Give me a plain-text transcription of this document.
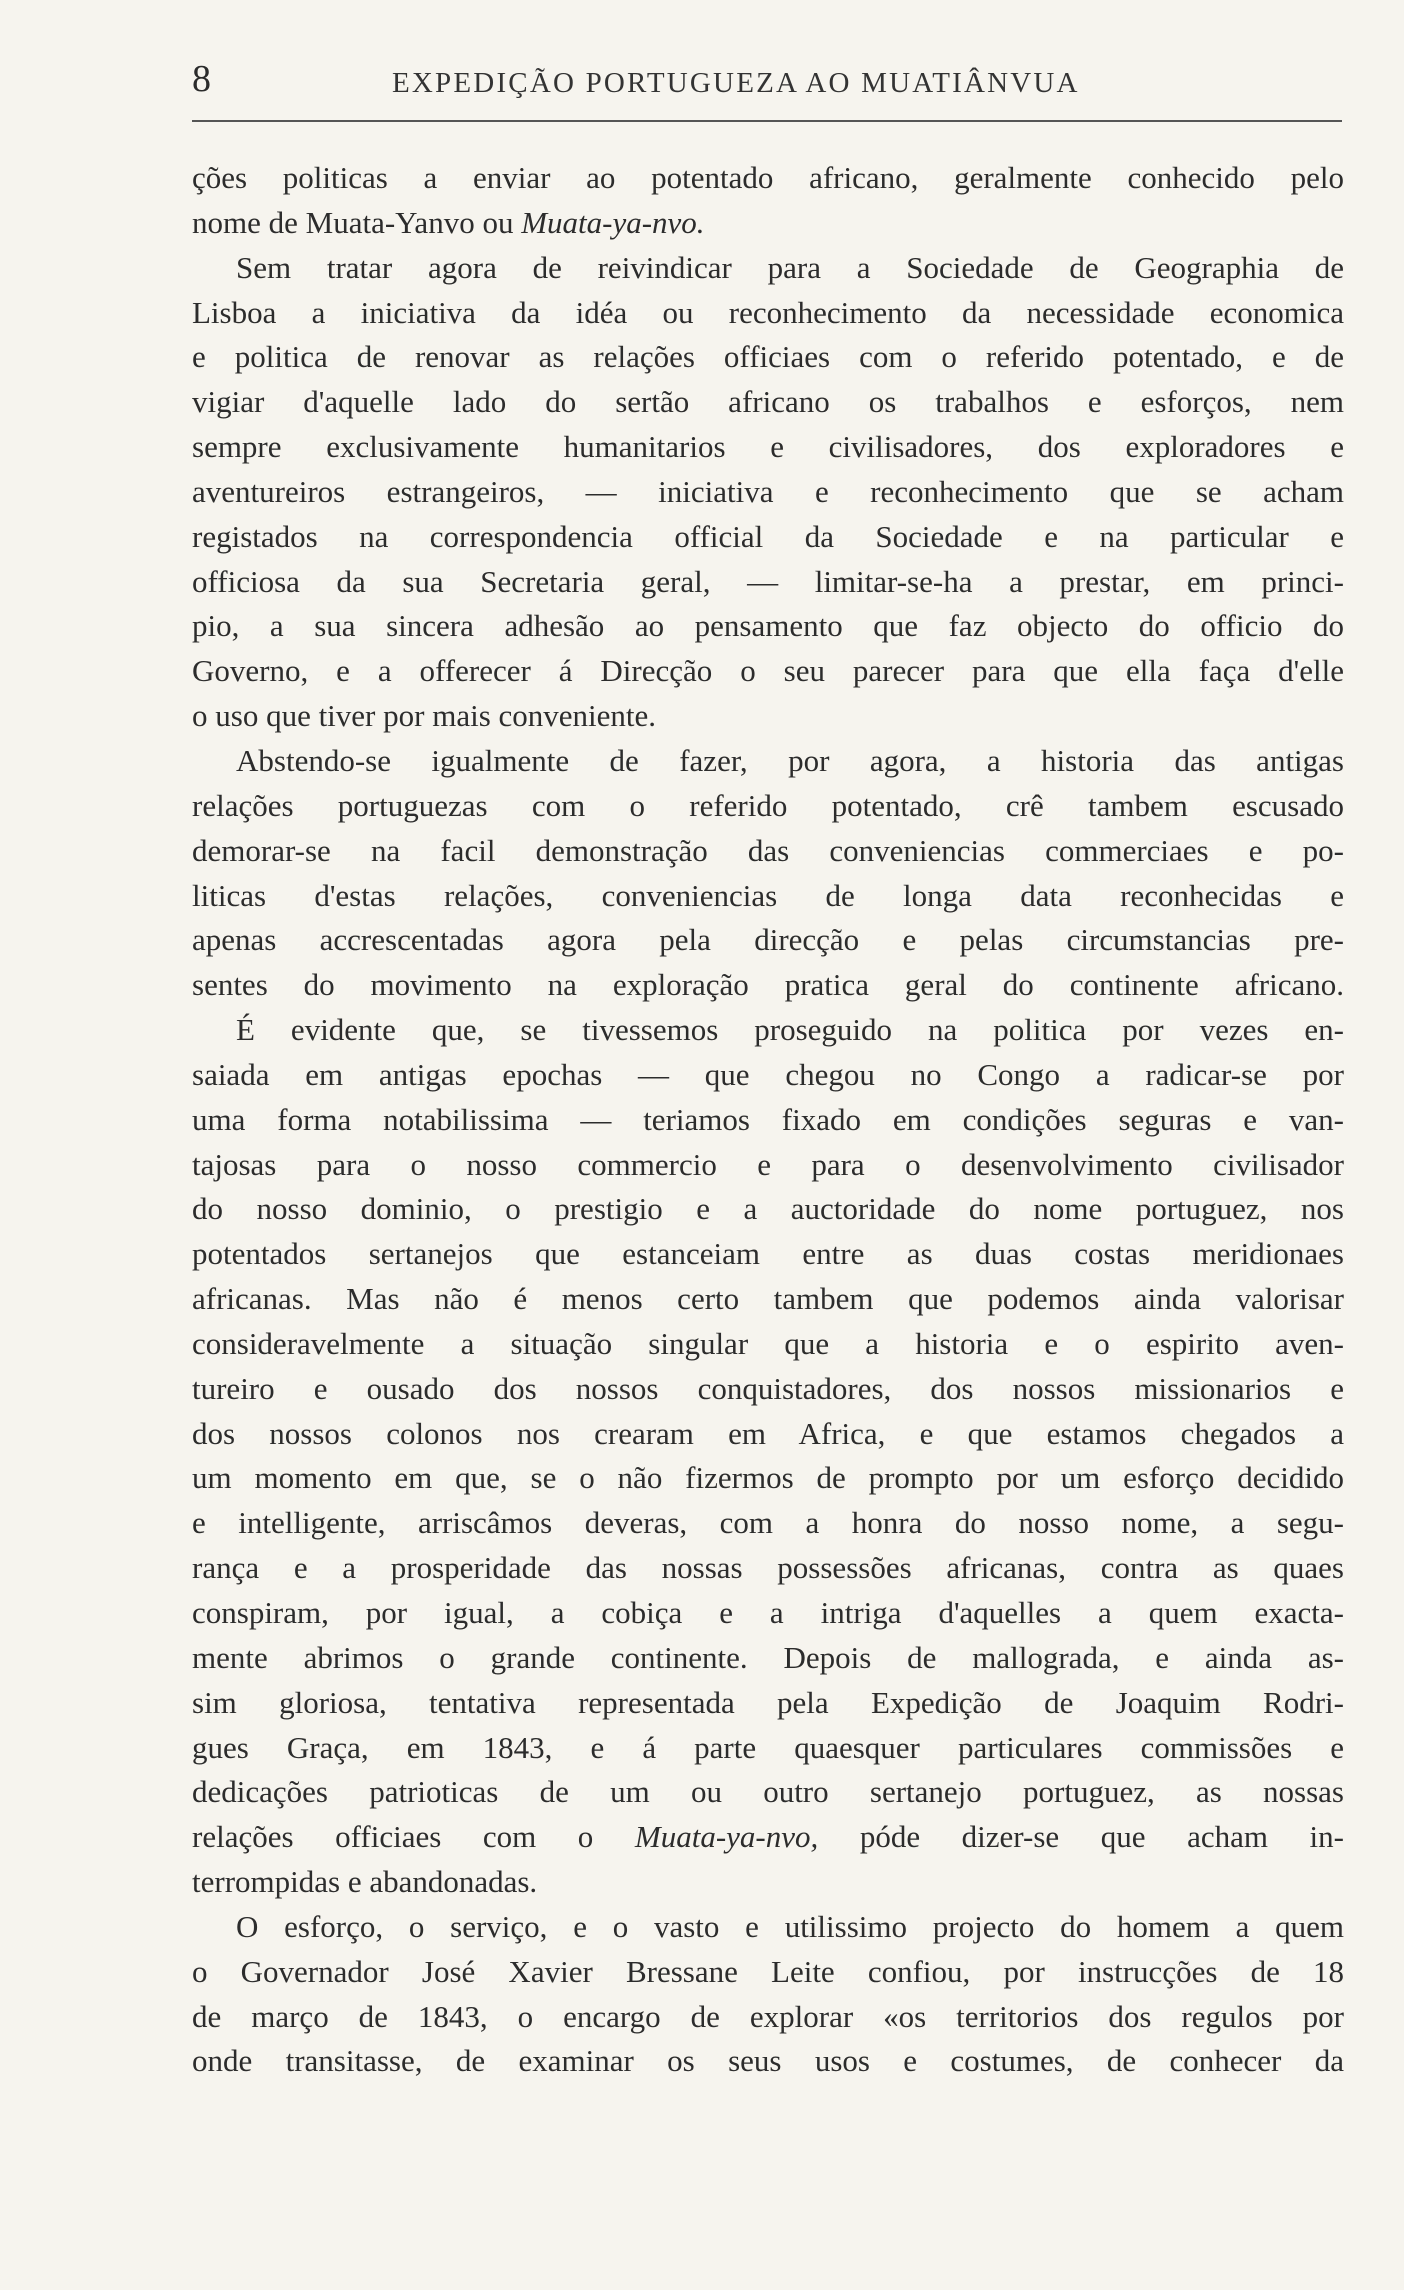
8	EXPEDIÇÃO PORTUGUEZA AO MUATIÂNVUA
ções politicas a enviar ao potentado africano, geralmente conhecido pelo
nome de Muata-Yanvo ou Muata-ya-nvo.
Sem tratar agora de reivindicar para a Sociedade de Geographia de
Lisboa a iniciativa da idéa ou reconhecimento da necessidade economica
e politica de renovar as relações officiaes com o referido potentado, e de
vigiar d'aquelle lado do sertão africano os trabalhos e esforços, nem
sempre exclusivamente humanitarios e civilisadores, dos exploradores e
aventureiros estrangeiros, — iniciativa e reconhecimento que se acham
registados na correspondencia official da Sociedade e na particular e
officiosa da sua Secretaria geral, — limitar-se-ha a prestar, em princi-
pio, a sua sincera adhesão ao pensamento que faz objecto do officio do
Governo, e a offerecer á Direcção o seu parecer para que ella faça d'elle
o uso que tiver por mais conveniente.
Abstendo-se igualmente de fazer, por agora, a historia das antigas
relações portuguezas com o referido potentado, crê tambem escusado
demorar-se na facil demonstração das conveniencias commerciaes e po-
liticas d'estas relações, conveniencias de longa data reconhecidas e
apenas accrescentadas agora pela direcção e pelas circumstancias pre-
sentes do movimento na exploração pratica geral do continente africano.
É evidente que, se tivessemos proseguido na politica por vezes en-
saiada em antigas epochas — que chegou no Congo a radicar-se por
uma forma notabilissima — teriamos fixado em condições seguras e van-
tajosas para o nosso commercio e para o desenvolvimento civilisador
do nosso dominio, o prestigio e a auctoridade do nome portuguez, nos
potentados sertanejos que estanceiam entre as duas costas meridionaes
africanas. Mas não é menos certo tambem que podemos ainda valorisar
consideravelmente a situação singular que a historia e o espirito aven-
tureiro e ousado dos nossos conquistadores, dos nossos missionarios e
dos nossos colonos nos crearam em Africa, e que estamos chegados a
um momento em que, se o não fizermos de prompto por um esforço decidido
e intelligente, arriscâmos deveras, com a honra do nosso nome, a segu-
rança e a prosperidade das nossas possessões africanas, contra as quaes
conspiram, por igual, a cobiça e a intriga d'aquelles a quem exacta-
mente abrimos o grande continente. Depois de mallograda, e ainda as-
sim gloriosa, tentativa representada pela Expedição de Joaquim Rodri-
gues Graça, em 1843, e á parte quaesquer particulares commissões e
dedicações patrioticas de um ou outro sertanejo portuguez, as nossas
relações officiaes com o Muata-ya-nvo, póde dizer-se que acham in-
terrompidas e abandonadas.
O esforço, o serviço, e o vasto e utilissimo projecto do homem a quem
o Governador José Xavier Bressane Leite confiou, por instrucções de 18
de março de 1843, o encargo de explorar «os territorios dos regulos por
onde transitasse, de examinar os seus usos e costumes, de conhecer da
